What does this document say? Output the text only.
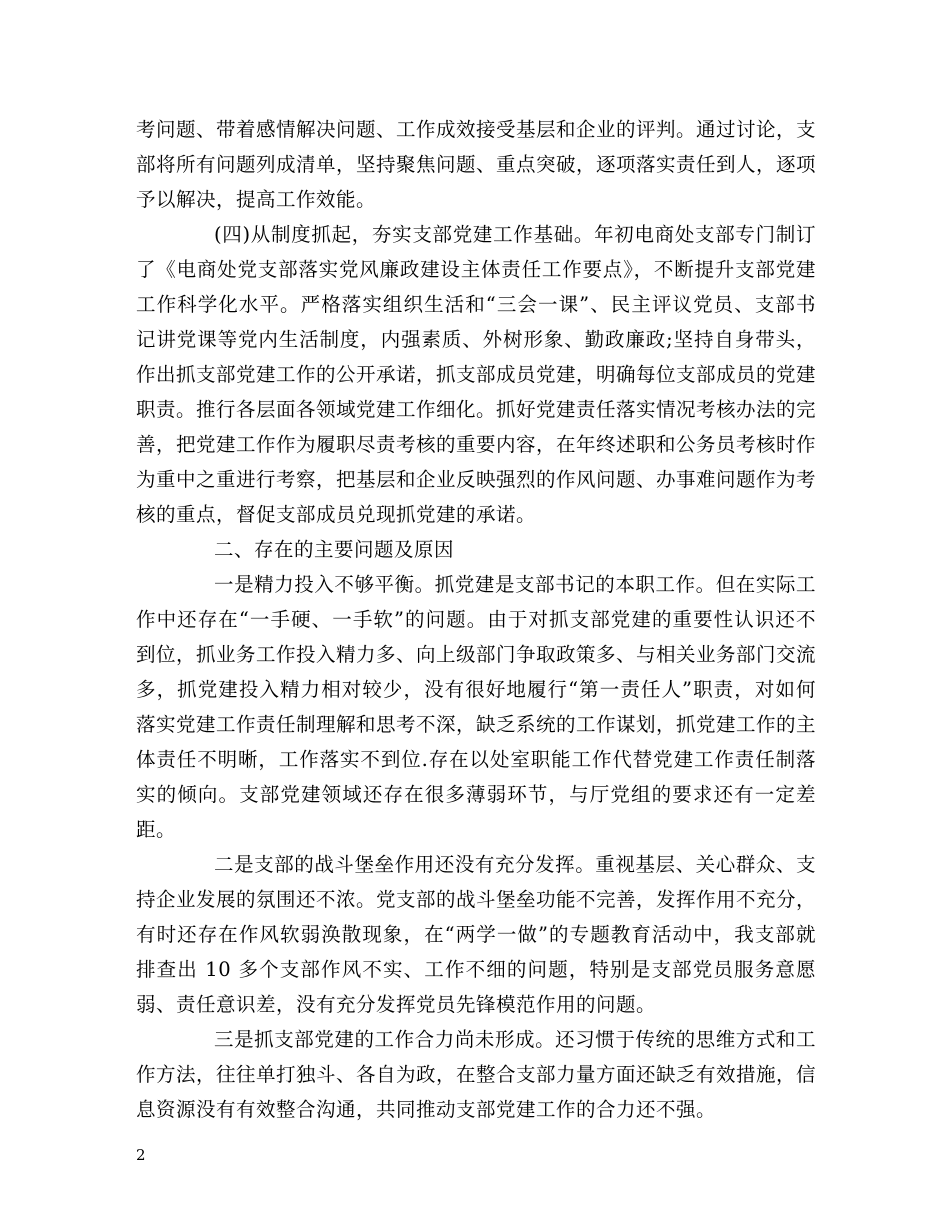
考问题、带着感情解决问题、工作成效接受基层和企业的评判。通过讨论，支部将所有问题列成清单，坚持聚焦问题、重点突破，逐项落实责任到人，逐项予以解决，提高工作效能。

(四)从制度抓起，夯实支部党建工作基础。年初电商处支部专门制订了《电商处党支部落实党风廉政建设主体责任工作要点》，不断提升支部党建工作科学化水平。严格落实组织生活和“三会一课”、民主评议党员、支部书记讲党课等党内生活制度，内强素质、外树形象、勤政廉政;坚持自身带头，作出抓支部党建工作的公开承诺，抓支部成员党建，明确每位支部成员的党建职责。推行各层面各领域党建工作细化。抓好党建责任落实情况考核办法的完善，把党建工作作为履职尽责考核的重要内容，在年终述职和公务员考核时作为重中之重进行考察，把基层和企业反映强烈的作风问题、办事难问题作为考核的重点，督促支部成员兑现抓党建的承诺。

二、存在的主要问题及原因

一是精力投入不够平衡。抓党建是支部书记的本职工作。但在实际工作中还存在“一手硬、一手软”的问题。由于对抓支部党建的重要性认识还不到位，抓业务工作投入精力多、向上级部门争取政策多、与相关业务部门交流多，抓党建投入精力相对较少，没有很好地履行“第一责任人”职责，对如何落实党建工作责任制理解和思考不深，缺乏系统的工作谋划，抓党建工作的主体责任不明晰，工作落实不到位.存在以处室职能工作代替党建工作责任制落实的倾向。支部党建领域还存在很多薄弱环节，与厅党组的要求还有一定差距。

二是支部的战斗堡垒作用还没有充分发挥。重视基层、关心群众、支持企业发展的氛围还不浓。党支部的战斗堡垒功能不完善，发挥作用不充分，有时还存在作风软弱涣散现象，在“两学一做”的专题教育活动中，我支部就排查出 10 多个支部作风不实、工作不细的问题，特别是支部党员服务意愿弱、责任意识差，没有充分发挥党员先锋模范作用的问题。

三是抓支部党建的工作合力尚未形成。还习惯于传统的思维方式和工作方法，往往单打独斗、各自为政，在整合支部力量方面还缺乏有效措施，信息资源没有有效整合沟通，共同推动支部党建工作的合力还不强。

2
